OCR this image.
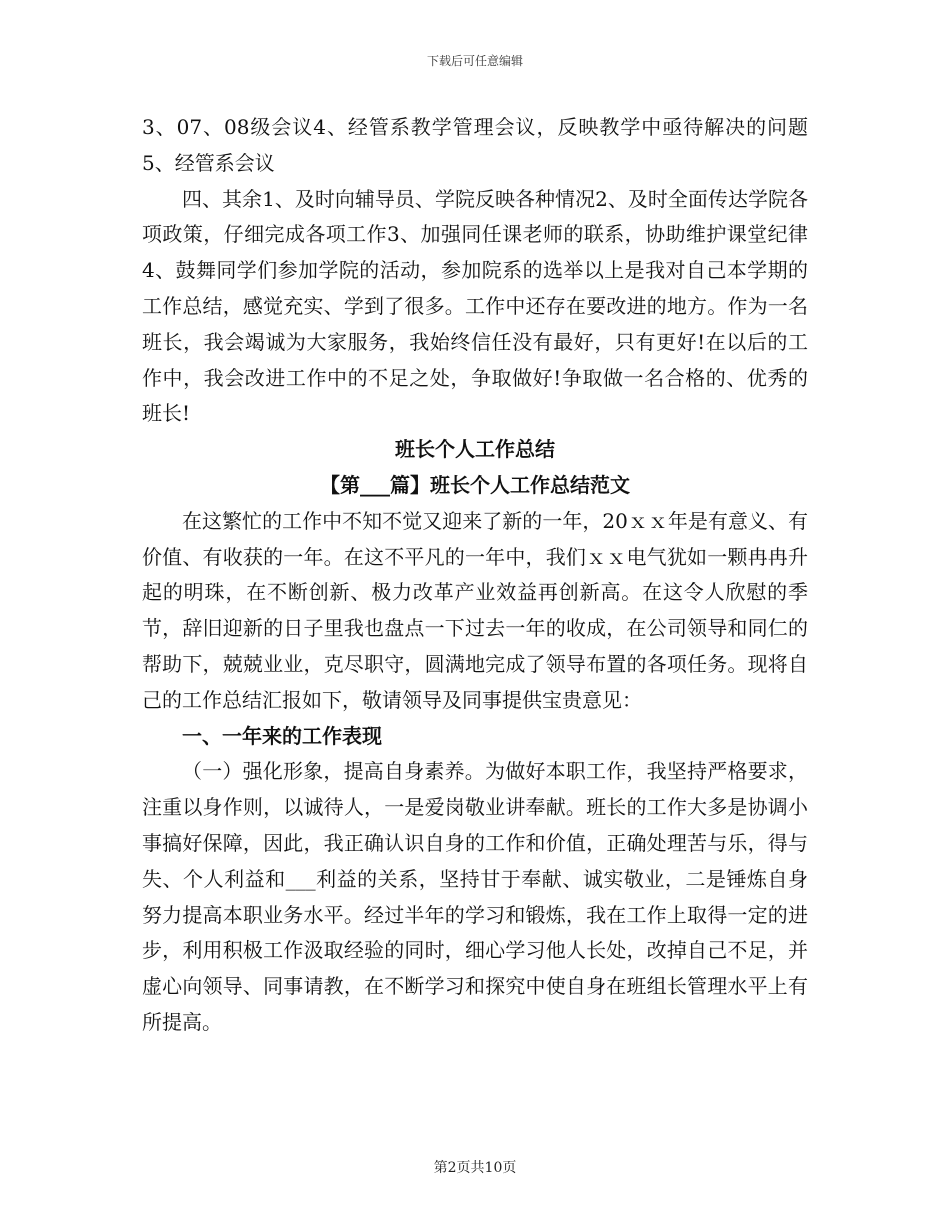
下载后可任意编辑

3、07、08级会议4、经管系教学管理会议，反映教学中亟待解决的问题5、经管系会议

四、其余1、及时向辅导员、学院反映各种情况2、及时全面传达学院各项政策，仔细完成各项工作3、加强同任课老师的联系，协助维护课堂纪律4、鼓舞同学们参加学院的活动，参加院系的选举以上是我对自己本学期的工作总结，感觉充实、学到了很多。工作中还存在要改进的地方。作为一名班长，我会竭诚为大家服务，我始终信任没有最好，只有更好!在以后的工作中，我会改进工作中的不足之处，争取做好!争取做一名合格的、优秀的班长!

班长个人工作总结

【第___篇】班长个人工作总结范文

在这繁忙的工作中不知不觉又迎来了新的一年，20ｘｘ年是有意义、有价值、有收获的一年。在这不平凡的一年中，我们ｘｘ电气犹如一颗冉冉升起的明珠，在不断创新、极力改革产业效益再创新高。在这令人欣慰的季节，辞旧迎新的日子里我也盘点一下过去一年的收成，在公司领导和同仁的帮助下，兢兢业业，克尽职守，圆满地完成了领导布置的各项任务。现将自己的工作总结汇报如下，敬请领导及同事提供宝贵意见：

一、一年来的工作表现

（一）强化形象，提高自身素养。为做好本职工作，我坚持严格要求，注重以身作则，以诚待人，一是爱岗敬业讲奉献。班长的工作大多是协调小事搞好保障，因此，我正确认识自身的工作和价值，正确处理苦与乐，得与失、个人利益和___利益的关系，坚持甘于奉献、诚实敬业，二是锤炼自身努力提高本职业务水平。经过半年的学习和锻炼，我在工作上取得一定的进步，利用积极工作汲取经验的同时，细心学习他人长处，改掉自己不足，并虚心向领导、同事请教，在不断学习和探究中使自身在班组长管理水平上有所提高。

第2页共10页
